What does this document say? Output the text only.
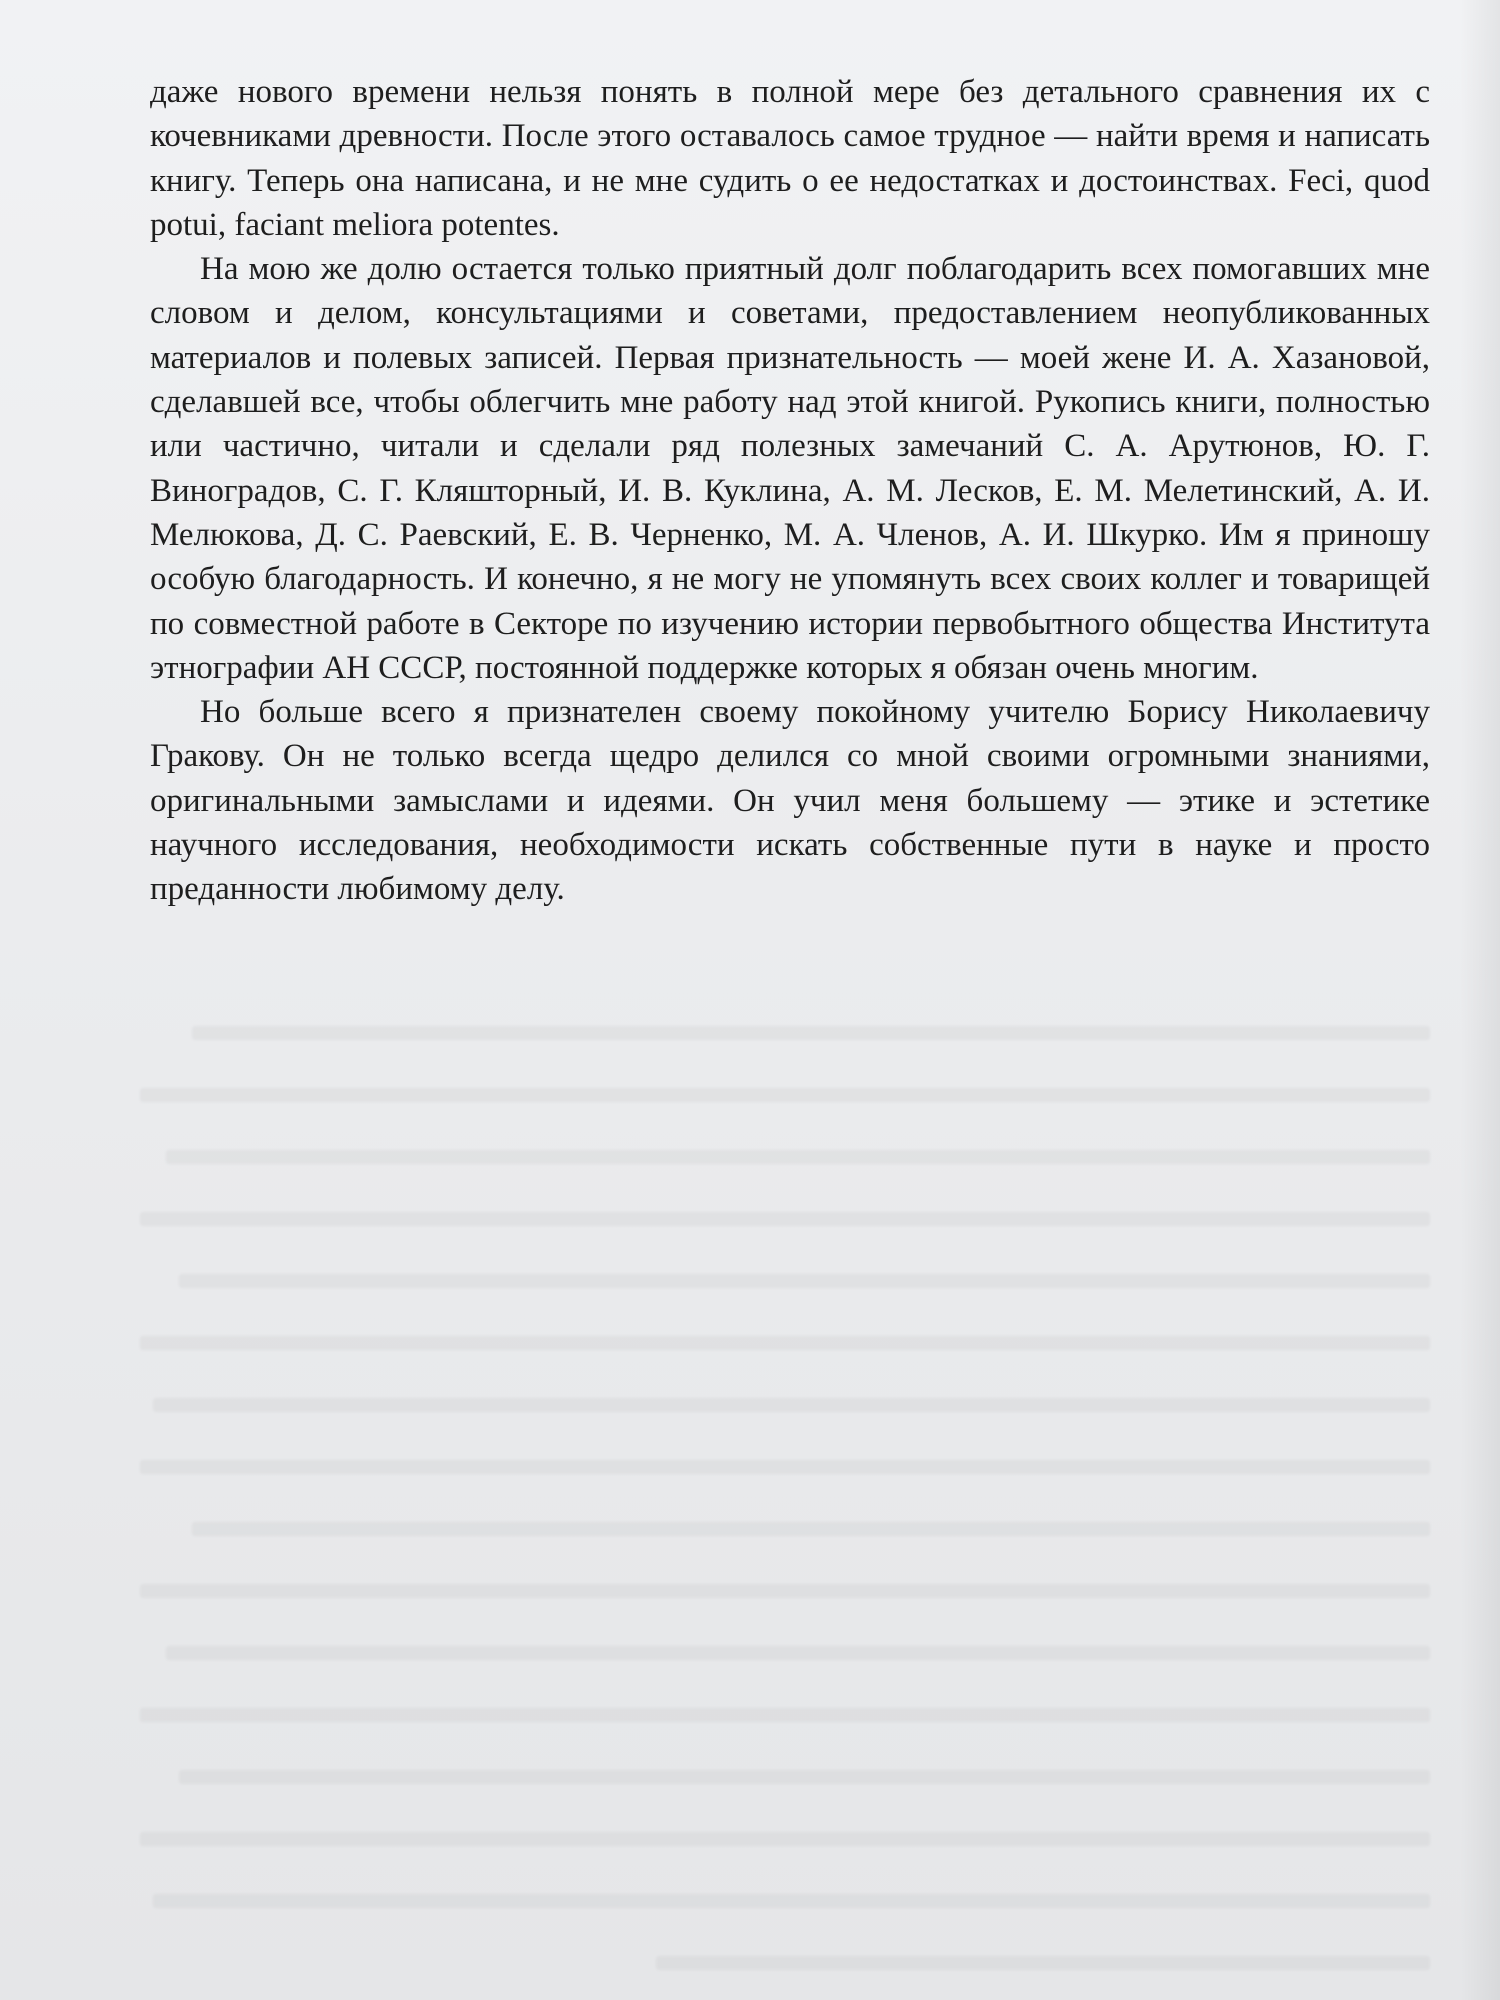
даже нового времени нельзя понять в полной мере без детального сравнения их с кочевниками древности. После этого оставалось самое трудное — найти время и написать книгу. Теперь она написана, и не мне судить о ее недостатках и достоинствах. Feci, quod potui, faciant meliora potentes.

На мою же долю остается только приятный долг поблагодарить всех помогавших мне словом и делом, консультациями и советами, предоставлением неопубликованных материалов и полевых записей. Первая признательность — моей жене И. А. Хазановой, сделавшей все, чтобы облегчить мне работу над этой книгой. Рукопись книги, полностью или частично, читали и сделали ряд полезных замечаний С. А. Арутюнов, Ю. Г. Виноградов, С. Г. Кляшторный, И. В. Куклина, А. М. Лесков, Е. М. Мелетинский, А. И. Мелюкова, Д. С. Раевский, Е. В. Черненко, М. А. Членов, А. И. Шкурко. Им я приношу особую благодарность. И конечно, я не могу не упомянуть всех своих коллег и товарищей по совместной работе в Секторе по изучению истории первобытного общества Института этнографии АН СССР, постоянной поддержке которых я обязан очень многим.

Но больше всего я признателен своему покойному учителю Борису Николаевичу Гракову. Он не только всегда щедро делился со мной своими огромными знаниями, оригинальными замыслами и идеями. Он учил меня большему — этике и эстетике научного исследования, необходимости искать собственные пути в науке и просто преданности любимому делу.
